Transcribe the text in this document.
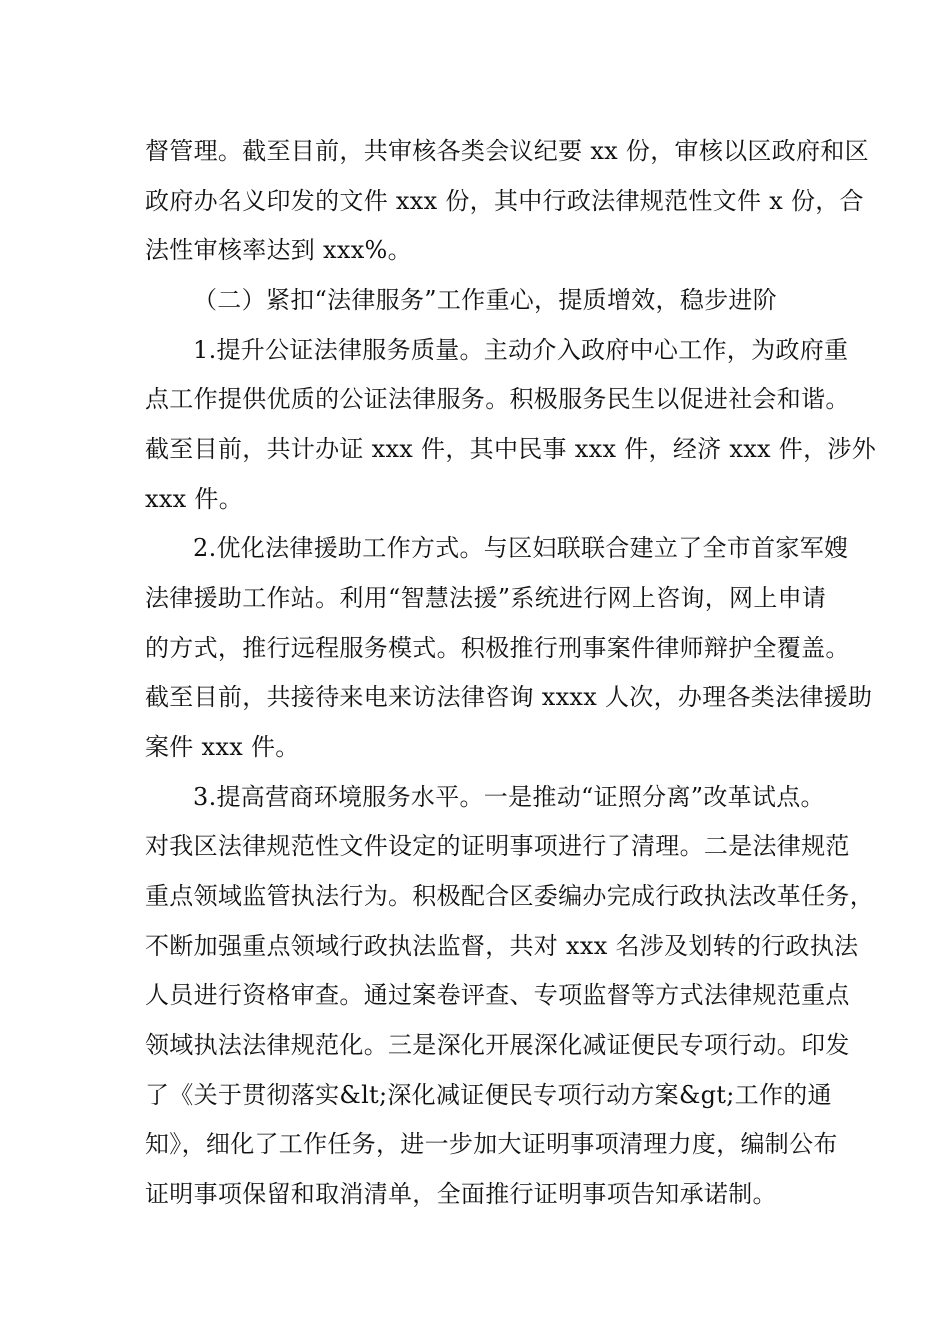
督管理。截至目前，共审核各类会议纪要 xx 份，审核以区政府和区
政府办名义印发的文件 xxx 份，其中行政法律规范性文件 x 份，合
法性审核率达到 xxx%。
（二）紧扣“法律服务”工作重心，提质增效，稳步进阶
1.提升公证法律服务质量。主动介入政府中心工作，为政府重
点工作提供优质的公证法律服务。积极服务民生以促进社会和谐。
截至目前，共计办证 xxx 件，其中民事 xxx 件，经济 xxx 件，涉外
xxx 件。
2.优化法律援助工作方式。与区妇联联合建立了全市首家军嫂
法律援助工作站。利用“智慧法援”系统进行网上咨询，网上申请
的方式，推行远程服务模式。积极推行刑事案件律师辩护全覆盖。
截至目前，共接待来电来访法律咨询 xxxx 人次，办理各类法律援助
案件 xxx 件。
3.提高营商环境服务水平。一是推动“证照分离”改革试点。
对我区法律规范性文件设定的证明事项进行了清理。二是法律规范
重点领域监管执法行为。积极配合区委编办完成行政执法改革任务，
不断加强重点领域行政执法监督，共对 xxx 名涉及划转的行政执法
人员进行资格审查。通过案卷评查、专项监督等方式法律规范重点
领域执法法律规范化。三是深化开展深化减证便民专项行动。印发
了《关于贯彻落实&lt;深化减证便民专项行动方案&gt;工作的通
知》，细化了工作任务，进一步加大证明事项清理力度，编制公布
证明事项保留和取消清单，全面推行证明事项告知承诺制。
